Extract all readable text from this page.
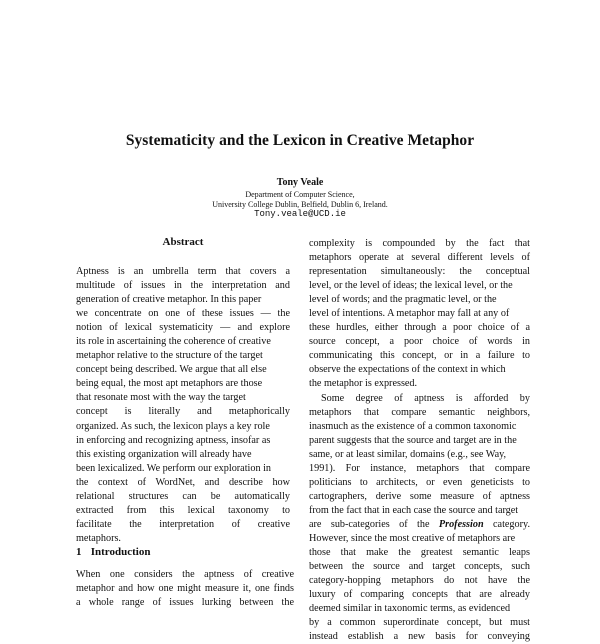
Systematicity and the Lexicon in Creative Metaphor
Tony Veale
Department of Computer Science,
University College Dublin, Belfield, Dublin 6, Ireland.
Tony.veale@UCD.ie
Abstract
Aptness is an umbrella term that covers a
multitude of issues in the interpretation and
generation of creative metaphor. In this paper
we concentrate on one of these issues — the
notion of lexical systematicity — and explore
its role in ascertaining the coherence of creative
metaphor relative to the structure of the target
concept being described. We argue that all else
being equal, the most apt metaphors are those
that resonate most with the way the target
concept is literally and metaphorically
organized. As such, the lexicon plays a key role
in enforcing and recognizing aptness, insofar as
this existing organization will already have
been lexicalized. We perform our exploration in
the context of WordNet, and describe how
relational structures can be automatically
extracted from this lexical taxonomy to
facilitate the interpretation of creative
metaphors.
1 Introduction
When one considers the aptness of creative
metaphor and how one might measure it, one finds
a whole range of issues lurking between the
complexity is compounded by the fact that
metaphors operate at several different levels of
representation simultaneously: the conceptual
level, or the level of ideas; the lexical level, or the
level of words; and the pragmatic level, or the
level of intentions. A metaphor may fall at any of
these hurdles, either through a poor choice of a
source concept, a poor choice of words in
communicating this concept, or in a failure to
observe the expectations of the context in which
the metaphor is expressed.
Some degree of aptness is afforded by
metaphors that compare semantic neighbors,
inasmuch as the existence of a common taxonomic
parent suggests that the source and target are in the
same, or at least similar, domains (e.g., see Way,
1991). For instance, metaphors that compare
politicians to architects, or even geneticists to
cartographers, derive some measure of aptness
from the fact that in each case the source and target
are sub-categories of the Profession category.
However, since the most creative of metaphors are
those that make the greatest semantic leaps
between the source and target concepts, such
category-hopping metaphors do not have the
luxury of comparing concepts that are already
deemed similar in taxonomic terms, as evidenced
by a common superordinate concept, but must
instead establish a new basis for conveying
